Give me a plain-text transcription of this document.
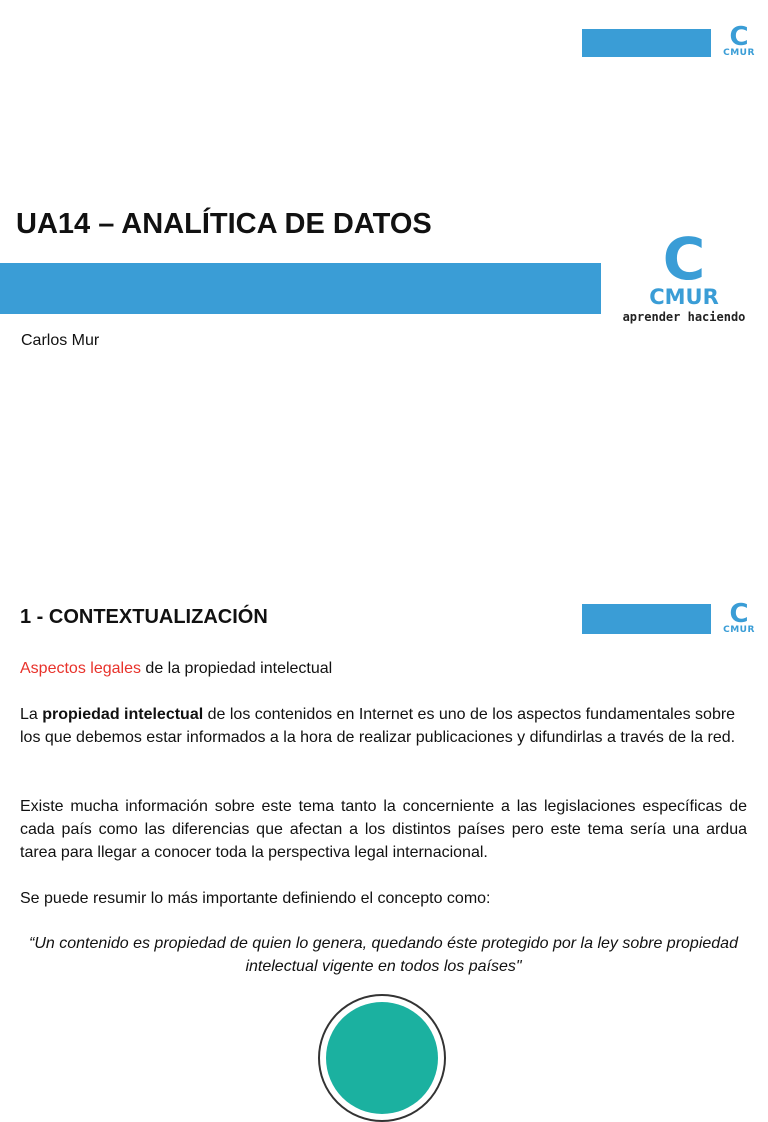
C
CMUR
UA14 – ANALÍTICA DE DATOS
C
CMUR
aprender haciendo
Carlos Mur
1 - CONTEXTUALIZACIÓN	C
CMUR

Aspectos legales de la propiedad intelectual

La propiedad intelectual de los contenidos en Internet es uno de los aspectos fundamentales sobre los que debemos estar informados a la hora de realizar publicaciones y difundirlas a través de la red.

Existe mucha información sobre este tema tanto la concerniente a las legislaciones específicas de cada país como las diferencias que afectan a los distintos países pero este tema sería una ardua tarea para llegar a conocer toda la perspectiva legal internacional.

Se puede resumir lo más importante definiendo el concepto como:

“Un contenido es propiedad de quien lo genera, quedando éste protegido por la ley sobre propiedad intelectual vigente en todos los países"
